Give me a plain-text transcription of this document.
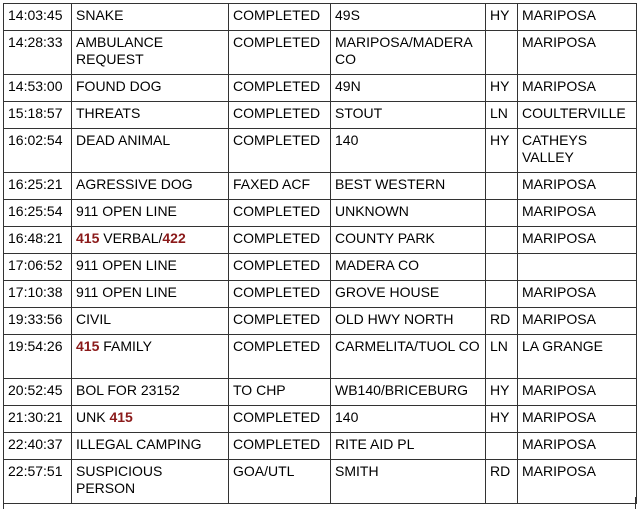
14:03:45	SNAKE	COMPLETED	49S	HY	MARIPOSA
14:28:33	AMBULANCE REQUEST	COMPLETED	MARIPOSA/MADERA CO		MARIPOSA
14:53:00	FOUND DOG	COMPLETED	49N	HY	MARIPOSA
15:18:57	THREATS	COMPLETED	STOUT	LN	COULTERVILLE
16:02:54	DEAD ANIMAL	COMPLETED	140	HY	CATHEYS VALLEY
16:25:21	AGRESSIVE DOG	FAXED ACF	BEST WESTERN		MARIPOSA
16:25:54	911 OPEN LINE	COMPLETED	UNKNOWN		MARIPOSA
16:48:21	415 VERBAL/422	COMPLETED	COUNTY PARK		MARIPOSA
17:06:52	911 OPEN LINE	COMPLETED	MADERA CO		
17:10:38	911 OPEN LINE	COMPLETED	GROVE HOUSE		MARIPOSA
19:33:56	CIVIL	COMPLETED	OLD HWY NORTH	RD	MARIPOSA
19:54:26	415 FAMILY	COMPLETED	CARMELITA/TUOL CO	LN	LA GRANGE
20:52:45	BOL FOR 23152	TO CHP	WB140/BRICEBURG	HY	MARIPOSA
21:30:21	UNK 415	COMPLETED	140	HY	MARIPOSA
22:40:37	ILLEGAL CAMPING	COMPLETED	RITE AID PL		MARIPOSA
22:57:51	SUSPICIOUS PERSON	GOA/UTL	SMITH	RD	MARIPOSA
